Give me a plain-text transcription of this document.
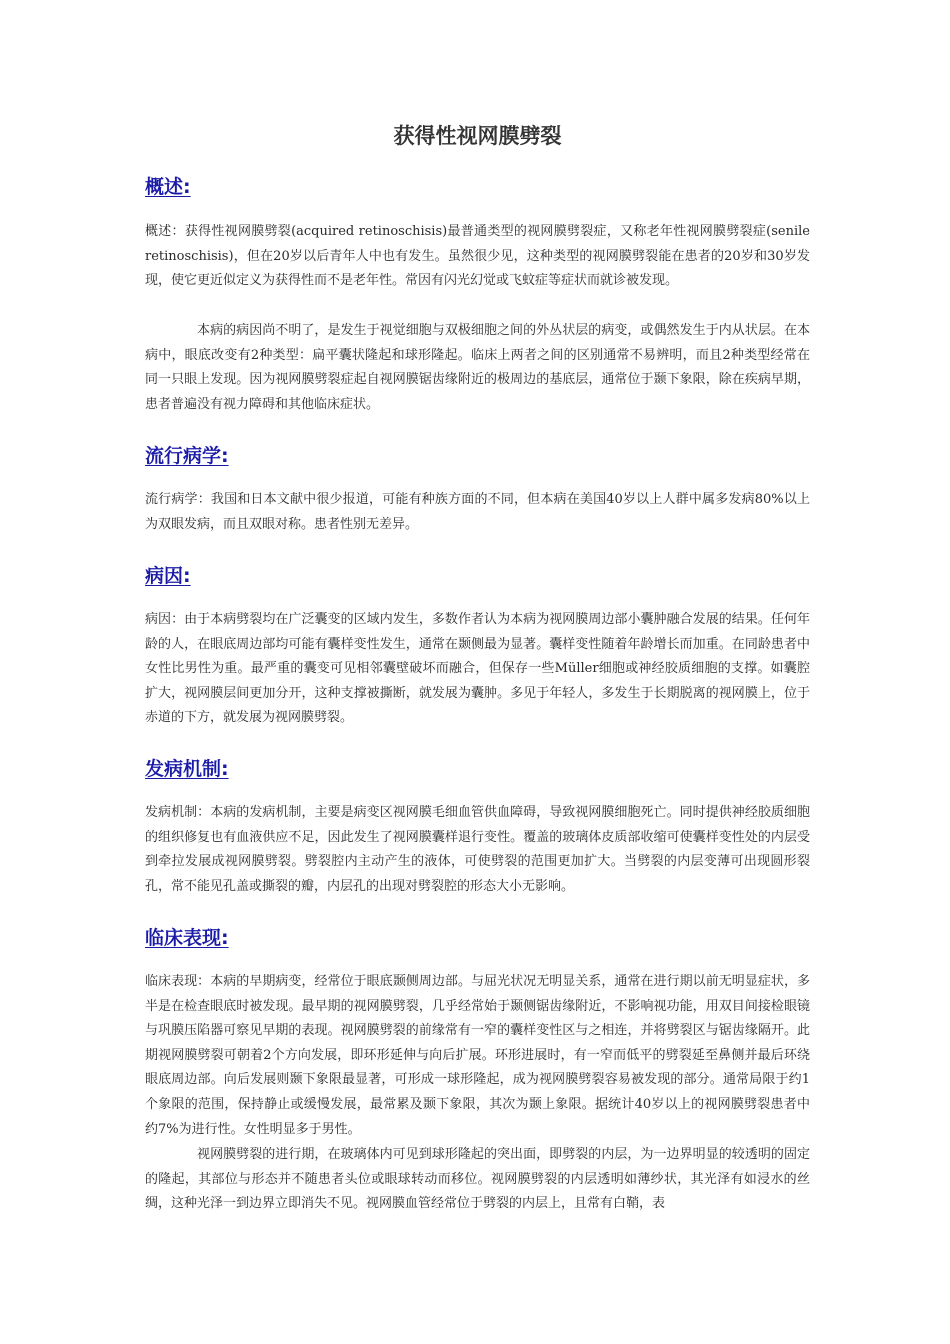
获得性视网膜劈裂
概述:

概述：获得性视网膜劈裂(acquired retinoschisis)最普通类型的视网膜劈裂症，又称老年性视网膜劈裂症(senile retinoschisis)，但在20岁以后青年人中也有发生。虽然很少见，这种类型的视网膜劈裂能在患者的20岁和30岁发现，使它更近似定义为获得性而不是老年性。常因有闪光幻觉或飞蚊症等症状而就诊被发现。

本病的病因尚不明了，是发生于视觉细胞与双极细胞之间的外丛状层的病变，或偶然发生于内从状层。在本病中，眼底改变有2种类型：扁平囊状隆起和球形隆起。临床上两者之间的区别通常不易辨明，而且2种类型经常在同一只眼上发现。因为视网膜劈裂症起自视网膜锯齿缘附近的极周边的基底层，通常位于颞下象限，除在疾病早期，患者普遍没有视力障碍和其他临床症状。

流行病学:

流行病学：我国和日本文献中很少报道，可能有种族方面的不同，但本病在美国40岁以上人群中属多发病80%以上为双眼发病，而且双眼对称。患者性别无差异。

病因:

病因：由于本病劈裂均在广泛囊变的区域内发生，多数作者认为本病为视网膜周边部小囊肿融合发展的结果。任何年龄的人，在眼底周边部均可能有囊样变性发生，通常在颞侧最为显著。囊样变性随着年龄增长而加重。在同龄患者中女性比男性为重。最严重的囊变可见相邻囊壁破坏而融合，但保存一些Müller细胞或神经胶质细胞的支撑。如囊腔扩大，视网膜层间更加分开，这种支撑被撕断，就发展为囊肿。多见于年轻人，多发生于长期脱离的视网膜上，位于赤道的下方，就发展为视网膜劈裂。

发病机制:

发病机制：本病的发病机制，主要是病变区视网膜毛细血管供血障碍，导致视网膜细胞死亡。同时提供神经胶质细胞的组织修复也有血液供应不足，因此发生了视网膜囊样退行变性。覆盖的玻璃体皮质部收缩可使囊样变性处的内层受到牵拉发展成视网膜劈裂。劈裂腔内主动产生的液体，可使劈裂的范围更加扩大。当劈裂的内层变薄可出现圆形裂孔，常不能见孔盖或撕裂的瓣，内层孔的出现对劈裂腔的形态大小无影响。

临床表现:

临床表现：本病的早期病变，经常位于眼底颞侧周边部。与屈光状况无明显关系，通常在进行期以前无明显症状，多半是在检查眼底时被发现。最早期的视网膜劈裂，几乎经常始于颞侧锯齿缘附近，不影响视功能，用双目间接检眼镜与巩膜压陷器可察见早期的表现。视网膜劈裂的前缘常有一窄的囊样变性区与之相连，并将劈裂区与锯齿缘隔开。此期视网膜劈裂可朝着2个方向发展，即环形延伸与向后扩展。环形进展时，有一窄而低平的劈裂延至鼻侧并最后环绕眼底周边部。向后发展则颞下象限最显著，可形成一球形隆起，成为视网膜劈裂容易被发现的部分。通常局限于约1个象限的范围，保持静止或缓慢发展，最常累及颞下象限，其次为颞上象限。据统计40岁以上的视网膜劈裂患者中约7%为进行性。女性明显多于男性。

视网膜劈裂的进行期，在玻璃体内可见到球形隆起的突出面，即劈裂的内层，为一边界明显的较透明的固定的隆起，其部位与形态并不随患者头位或眼球转动而移位。视网膜劈裂的内层透明如薄纱状，其光泽有如浸水的丝绸，这种光泽一到边界立即消失不见。视网膜血管经常位于劈裂的内层上，且常有白鞘，表
